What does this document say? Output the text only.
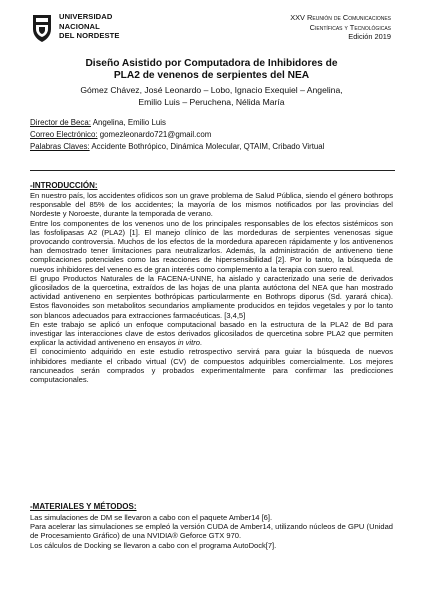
UNIVERSIDAD
NACIONAL
DEL NORDESTE
XXV Reunión de Comunicaciones
Científicas y Tecnológicas
Edición 2019
Diseño Asistido por Computadora de Inhibidores de
PLA2 de venenos de serpientes del NEA
Gómez Chávez, José Leonardo – Lobo, Ignacio Exequiel – Angelina,
Emilio Luis – Peruchena, Nélida María
Director de Beca: Angelina, Emilio Luis
Correo Electrónico: gomezleonardo721@gmail.com
Palabras Claves: Accidente Bothrópico, Dinámica Molecular, QTAIM, Cribado Virtual
-INTRODUCCIÓN:

En nuestro país, los accidentes ofídicos son un grave problema de Salud Pública, siendo el género bothrops responsable del 85% de los accidentes; la mayoría de los mismos notificados por las provincias del Nordeste y Noroeste, durante la temporada de verano.

Entre los componentes de los venenos uno de los principales responsables de los efectos sistémicos son las fosfolipasas A2 (PLA2) [1]. El manejo clínico de las mordeduras de serpientes venenosas sigue provocando controversia. Muchos de los efectos de la mordedura aparecen rápidamente y los antivenenos han demostrado tener limitaciones para neutralizarlos. Además, la administración de antiveneno tiene complicaciones potenciales como las reacciones de hipersensibilidad [2]. Por lo tanto, la búsqueda de nuevos inhibidores del veneno es de gran interés como complemento a la terapia con suero real.

El grupo Productos Naturales de la FACENA-UNNE, ha aislado y caracterizado una serie de derivados glicosilados de la quercetina, extraídos de las hojas de una planta autóctona del NEA que han mostrado actividad antiveneno en serpientes bothrópicas particularmente en Bothrops diporus (Sd. yarará chica). Estos flavonoides son metabolitos secundarios ampliamente producidos en tejidos vegetales y por lo tanto son blancos adecuados para extracciones farmacéuticas. [3,4,5]

En este trabajo se aplicó un enfoque computacional basado en la estructura de la PLA2 de Bd para investigar las interacciones clave de estos derivados glicosilados de quercetina sobre PLA2 que permiten explicar la actividad antiveneno en ensayos in vitro.

El conocimiento adquirido en este estudio retrospectivo servirá para guiar la búsqueda de nuevos inhibidores mediante el cribado virtual (CV) de compuestos adquiribles comercialmente. Los mejores rancuneados serán comprados y probados experimentalmente para confirmar las predicciones computacionales.

-MATERIALES Y MÉTODOS:

Las simulaciones de DM se llevaron a cabo con el paquete Amber14 [6].

Para acelerar las simulaciones se empleó la versión CUDA de Amber14, utilizando núcleos de GPU (Unidad de Procesamiento Gráfico) de una NVIDIA® Geforce GTX 970.

Los cálculos de Docking se llevaron a cabo con el programa AutoDock[7].
